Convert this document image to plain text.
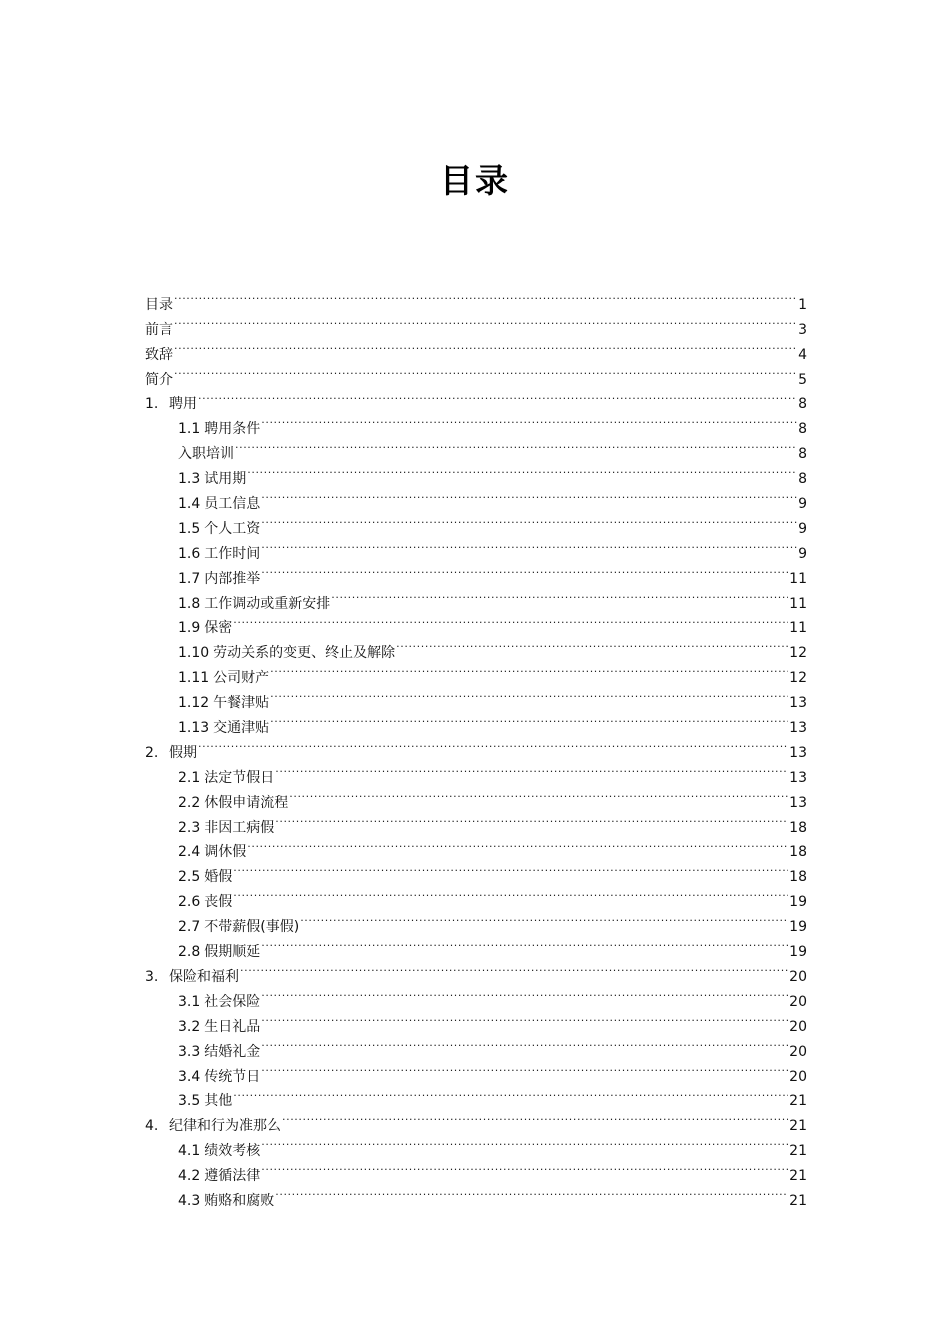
目录
目录 .....	1
前言 .....	3
致辞 .....	4
简介 .....	5
1. 聘用 .....	8
1.1 聘用条件 .....	8
入职培训 .....	8
1.3 试用期 .....	8
1.4 员工信息 .....	9
1.5 个人工资 .....	9
1.6 工作时间 .....	9
1.7 内部推举 .....	11
1.8 工作调动或重新安排 .....	11
1.9 保密 .....	11
1.10 劳动关系的变更、终止及解除 .....	12
1.11 公司财产 .....	12
1.12 午餐津贴 .....	13
1.13 交通津贴 .....	13
2. 假期 .....	13
2.1 法定节假日 .....	13
2.2 休假申请流程 .....	13
2.3 非因工病假 .....	18
2.4 调休假 .....	18
2.5 婚假 .....	18
2.6 丧假 .....	19
2.7 不带薪假(事假) .....	19
2.8 假期顺延 .....	19
3. 保险和福利 .....	20
3.1 社会保险 .....	20
3.2 生日礼品 .....	20
3.3 结婚礼金 .....	20
3.4 传统节日 .....	20
3.5 其他 .....	21
4. 纪律和行为准那么 .....	21
4.1 绩效考核 .....	21
4.2 遵循法律 .....	21
4.3 贿赂和腐败 .....	21
